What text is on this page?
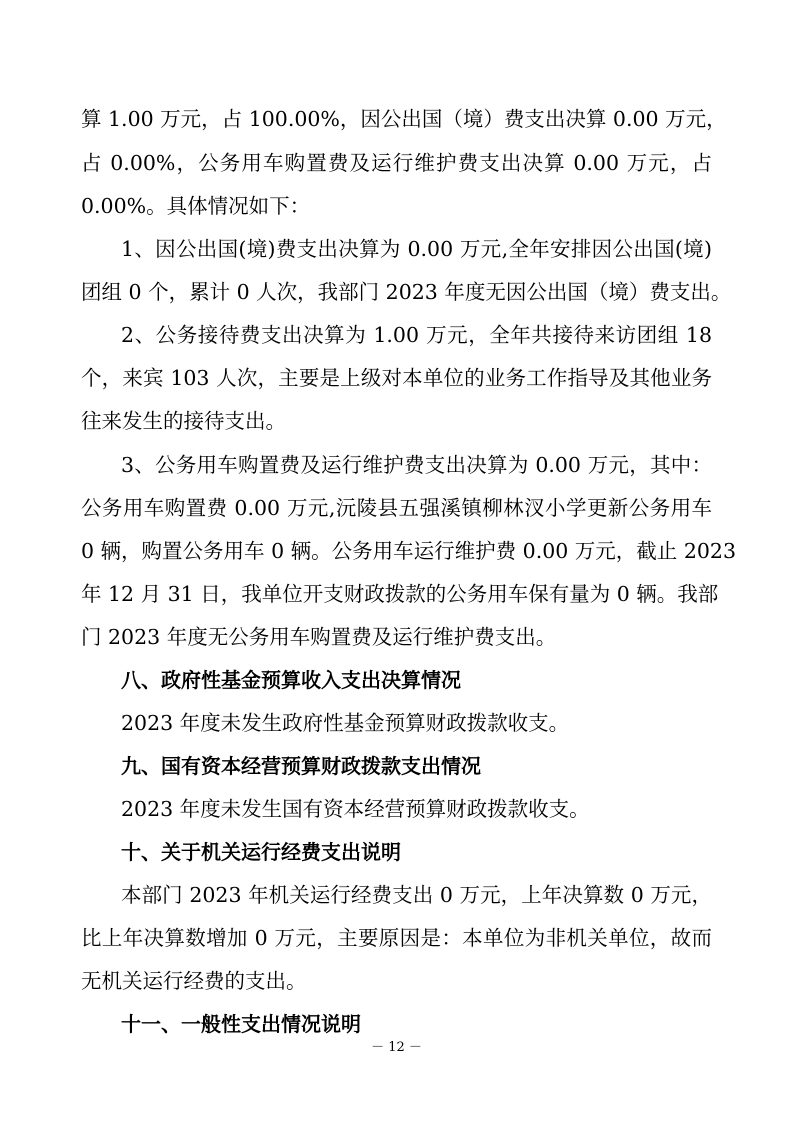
算 1.00 万元，占 100.00%，因公出国（境）费支出决算 0.00 万元，
占 0.00%，公务用车购置费及运行维护费支出决算 0.00 万元，占
0.00%。具体情况如下：
1、因公出国(境)费支出决算为 0.00 万元,全年安排因公出国(境)
团组 0 个，累计 0 人次，我部门 2023 年度无因公出国（境）费支出。
2、公务接待费支出决算为 1.00 万元，全年共接待来访团组 18
个，来宾 103 人次，主要是上级对本单位的业务工作指导及其他业务
往来发生的接待支出。
3、公务用车购置费及运行维护费支出决算为 0.00 万元，其中：
公务用车购置费 0.00 万元,沅陵县五强溪镇柳林汊小学更新公务用车
0 辆，购置公务用车 0 辆。公务用车运行维护费 0.00 万元，截止 2023
年 12 月 31 日，我单位开支财政拨款的公务用车保有量为 0 辆。我部
门 2023 年度无公务用车购置费及运行维护费支出。
八、政府性基金预算收入支出决算情况
2023 年度未发生政府性基金预算财政拨款收支。
九、国有资本经营预算财政拨款支出情况
2023 年度未发生国有资本经营预算财政拨款收支。
十、关于机关运行经费支出说明
本部门 2023 年机关运行经费支出 0 万元，上年决算数 0 万元，
比上年决算数增加 0 万元，主要原因是：本单位为非机关单位，故而
无机关运行经费的支出。
十一、一般性支出情况说明
－ 12 －
